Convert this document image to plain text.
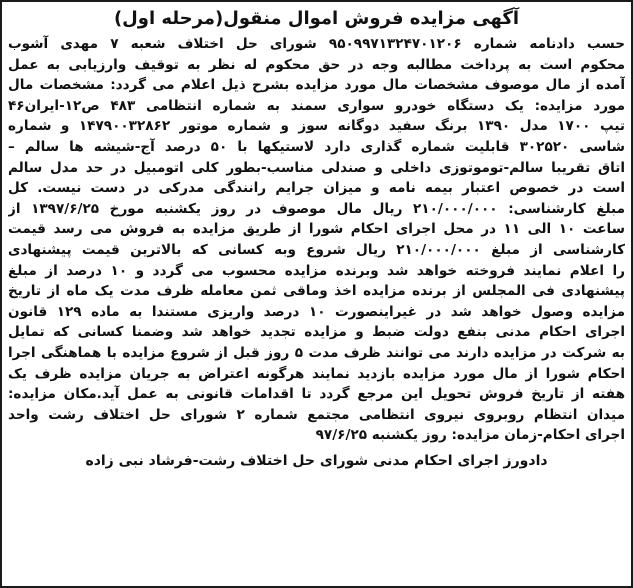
آگهی مزایده فروش اموال منقول(مرحله اول)
حسب دادنامه شماره ۹۵۰۹۹۷۱۳۲۴۷۰۱۲۰۶ شورای حل اختلاف شعبه ۷ مهدی آشوب
محکوم است به پرداخت مطالبه وجه در حق محکوم له نظر به توقیف وارزیابی به عمل
آمده از مال موصوف مشخصات مال مورد مزایده بشرح ذیل اعلام می گردد: مشخصات مال
مورد مزایده: یک دستگاه خودرو سواری سمند به شماره انتظامی ۴۸۳ ص۱۲-ایران۴۶
تیپ ۱۷۰۰ مدل ۱۳۹۰ برنگ سفید دوگانه سوز و شماره موتور ۱۴۷۹۰۰۳۲۸۶۲ و شماره
شاسی ۳۰۲۵۲۰ قابلیت شماره گذاری دارد لاستیکها با ۵۰ درصد آج-شیشه ها سالم –
اتاق تقریبا سالم-توموتوزی داخلی و صندلی مناسب-بطور کلی اتومبیل در حد مدل سالم
است در خصوص اعتبار بیمه نامه و میزان جرایم رانندگی مدرکی در دست نیست. کل
مبلغ کارشناسی: ۲۱۰/۰۰۰/۰۰۰ ریال مال موصوف در روز یکشنبه مورخ ۱۳۹۷/۶/۲۵ از
ساعت ۱۰ الی ۱۱ در محل اجرای احکام شورا از طریق مزایده به فروش می رسد قیمت
کارشناسی از مبلغ ۲۱۰/۰۰۰/۰۰۰ ریال شروع وبه کسانی که بالاترین قیمت پیشنهادی
را اعلام نمایند فروخته خواهد شد وبرنده مزایده محسوب می گردد و ۱۰ درصد از مبلغ
پیشنهادی فی المجلس از برنده مزایده اخذ وماقی ثمن معامله ظرف مدت یک ماه از تاریخ
مزایده وصول خواهد شد در غیراینصورت ۱۰ درصد واریزی مستندا به ماده ۱۲۹ قانون
اجرای احکام مدنی بنفع دولت ضبط و مزایده تجدید خواهد شد وضمنا کسانی که تمایل
به شرکت در مزایده دارند می توانند ظرف مدت ۵ روز قبل از شروع مزایده با هماهنگی اجرا
احکام شورا از مال مورد مزایده بازدید نمایند هرگونه اعتراض به جریان مزایده ظرف یک
هفته از تاریخ فروش تحویل این مرجع گردد تا اقدامات قانونی به عمل آید.مکان مزایده:
میدان انتظام روبروی نیروی انتظامی مجتمع شماره ۲ شورای حل اختلاف رشت واحد
اجرای احکام-زمان مزایده: روز یکشنبه ۹۷/۶/۲۵
دادورز اجرای احکام مدنی شورای حل اختلاف رشت-فرشاد نبی زاده
